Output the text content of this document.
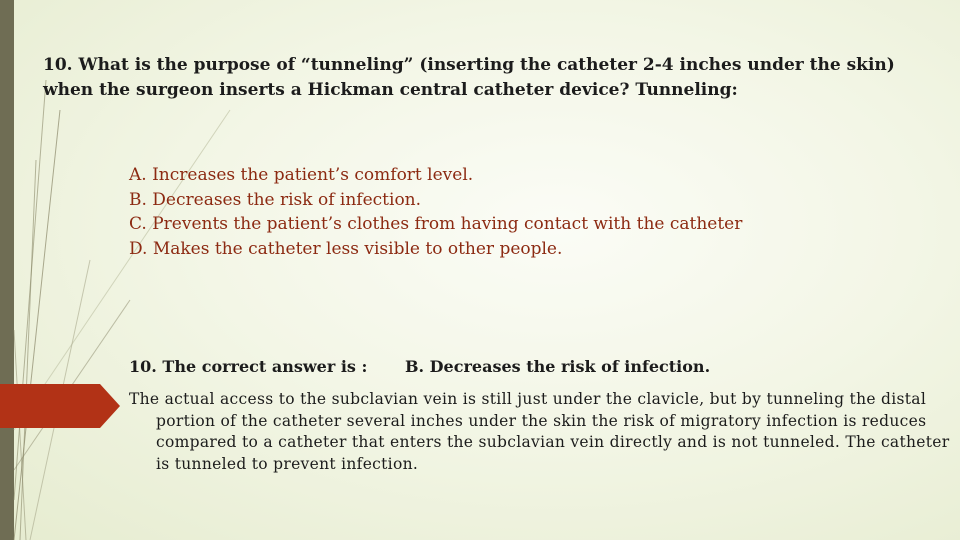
10. What is the purpose of “tunneling” (inserting the catheter 2-4 inches under the skin) when the surgeon inserts a Hickman central catheter device? Tunneling:
A. Increases the patient’s comfort level.
B. Decreases the risk of infection.
C. Prevents the patient’s clothes from having contact with the catheter
D. Makes the catheter less visible to other people.
10. The correct answer is : B. Decreases the risk of infection.
The actual access to the subclavian vein is still just under the clavicle, but by tunneling the distal portion of the catheter several inches under the skin the risk of migratory infection is reduces compared to a catheter that enters the subclavian vein directly and is not tunneled. The catheter is tunneled to prevent infection.
